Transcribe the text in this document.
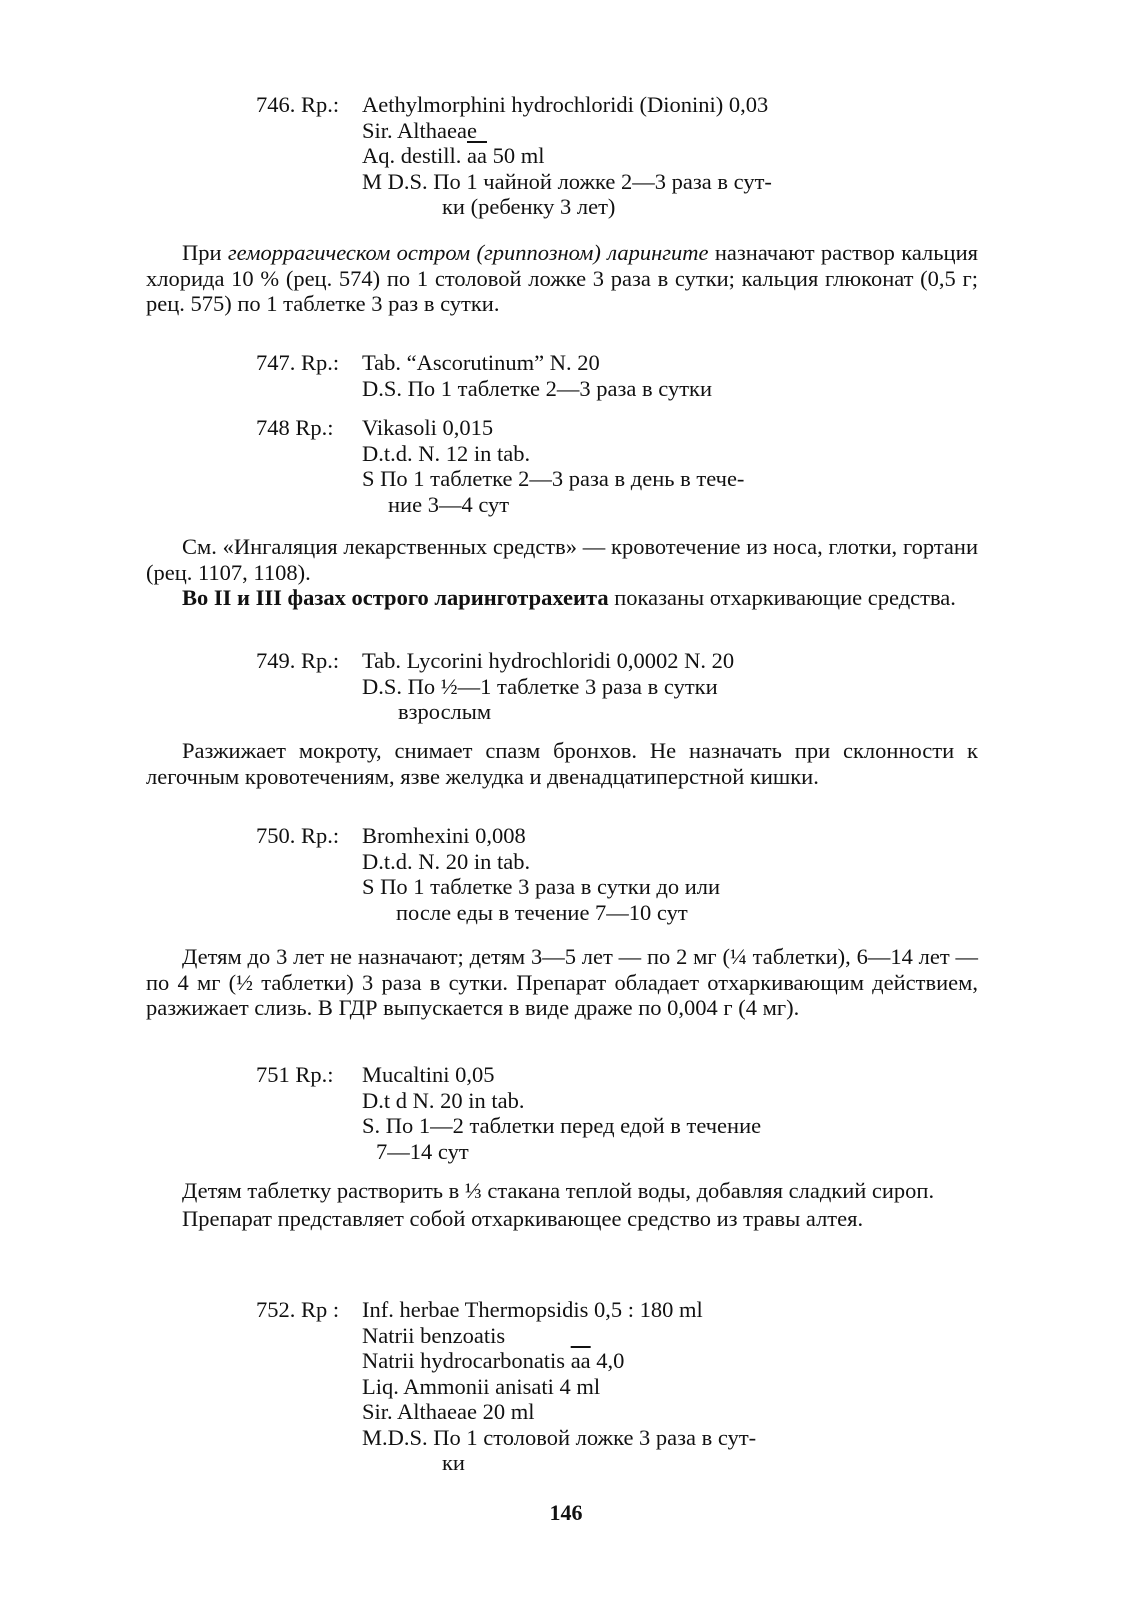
746. Rp.:	Aethylmorphini hydrochloridi (Dionini) 0,03
Sir. Althaeae
Aq. destill. $\overline{aa}$ 50 ml
M D.S. По 1 чайной ложке 2—3 раза в сут-
ки (ребенку 3 лет)

При геморрагическом остром (гриппозном) ларингите назначают раствор кальция хлорида 10 % (рец. 574) по 1 столовой ложке 3 раза в сутки; кальция глюконат (0,5 г; рец. 575) по 1 таблетке 3 раз в сутки.

747. Rp.:	Tab. “Ascorutinum” N. 20
D.S. По 1 таблетке 2—3 раза в сутки
748 Rp.:	Vikasoli 0,015
D.t.d. N. 12 in tab.
S По 1 таблетке 2—3 раза в день в тече-
ние 3—4 сут

См. «Ингаляция лекарственных средств» — кровотечение из носа, глотки, гортани (рец. 1107, 1108).

Во II и III фазах острого ларинготрахеита показаны отхаркивающие средства.

749. Rp.:	Tab. Lycorini hydrochloridi 0,0002 N. 20
D.S. По ½—1 таблетке 3 раза в сутки
взрослым

Разжижает мокроту, снимает спазм бронхов. Не назначать при склонности к легочным кровотечениям, язве желудка и двенадцатиперстной кишки.

750. Rp.:	Bromhexini 0,008
D.t.d. N. 20 in tab.
S По 1 таблетке 3 раза в сутки до или
после еды в течение 7—10 сут

Детям до 3 лет не назначают; детям 3—5 лет — по 2 мг (¼ таблетки), 6—14 лет — по 4 мг (½ таблетки) 3 раза в сутки. Препарат обладает отхаркивающим действием, разжижает слизь. В ГДР выпускается в виде драже по 0,004 г (4 мг).

751 Rp.:	Mucaltini 0,05
D.t d N. 20 in tab.
S. По 1—2 таблетки перед едой в течение
7—14 сут

Детям таблетку растворить в ⅓ стакана теплой воды, добавляя сладкий сироп.

Препарат представляет собой отхаркивающее средство из травы алтея.

752. Rp :	Inf. herbae Thermopsidis 0,5 : 180 ml
Natrii benzoatis
Natrii hydrocarbonatis $\overline{aa}$ 4,0
Liq. Ammonii anisati 4 ml
Sir. Althaeae 20 ml
M.D.S. По 1 столовой ложке 3 раза в сут-
ки
146
